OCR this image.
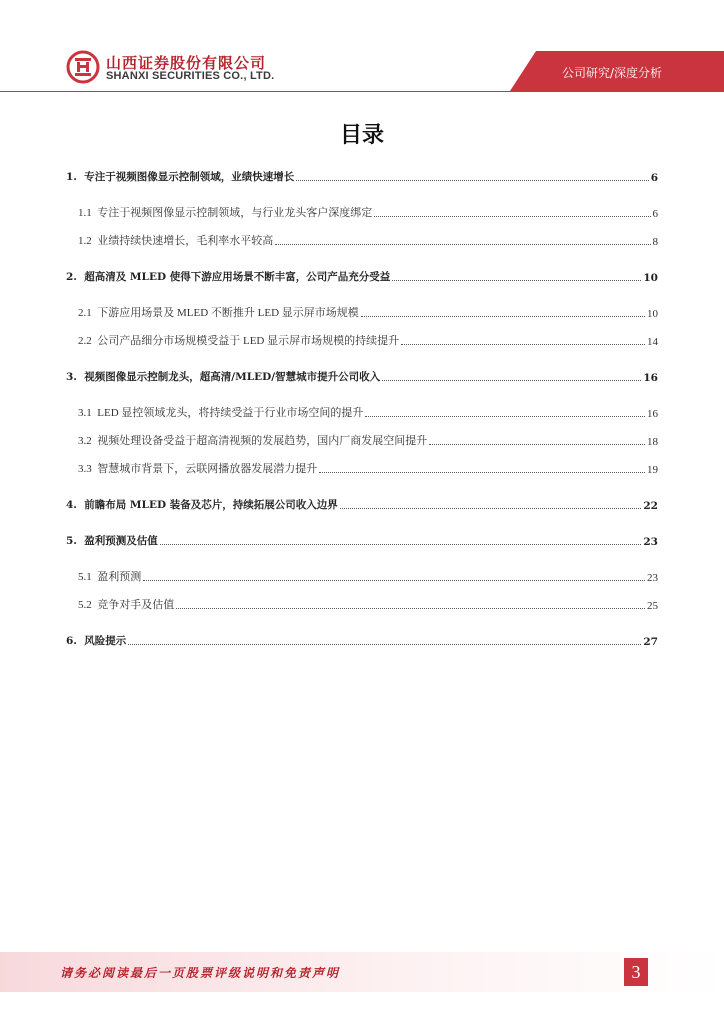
山西证券股份有限公司
SHANXI SECURITIES CO., LTD.	公司研究/深度分析
目录
1. 专注于视频图像显示控制领域，业绩快速增长	6
1.1 专注于视频图像显示控制领域，与行业龙头客户深度绑定	6
1.2 业绩持续快速增长，毛利率水平较高	8
2. 超高清及 MLED 使得下游应用场景不断丰富，公司产品充分受益	10
2.1 下游应用场景及 MLED 不断推升 LED 显示屏市场规模	10
2.2 公司产品细分市场规模受益于 LED 显示屏市场规模的持续提升	14
3. 视频图像显示控制龙头，超高清/MLED/智慧城市提升公司收入	16
3.1 LED 显控领域龙头，将持续受益于行业市场空间的提升	16
3.2 视频处理设备受益于超高清视频的发展趋势，国内厂商发展空间提升	18
3.3 智慧城市背景下，云联网播放器发展潜力提升	19
4. 前瞻布局 MLED 装备及芯片，持续拓展公司收入边界	22
5. 盈利预测及估值	23
5.1 盈利预测	23
5.2 竞争对手及估值	25
6. 风险提示	27
请务必阅读最后一页股票评级说明和免责声明	3
